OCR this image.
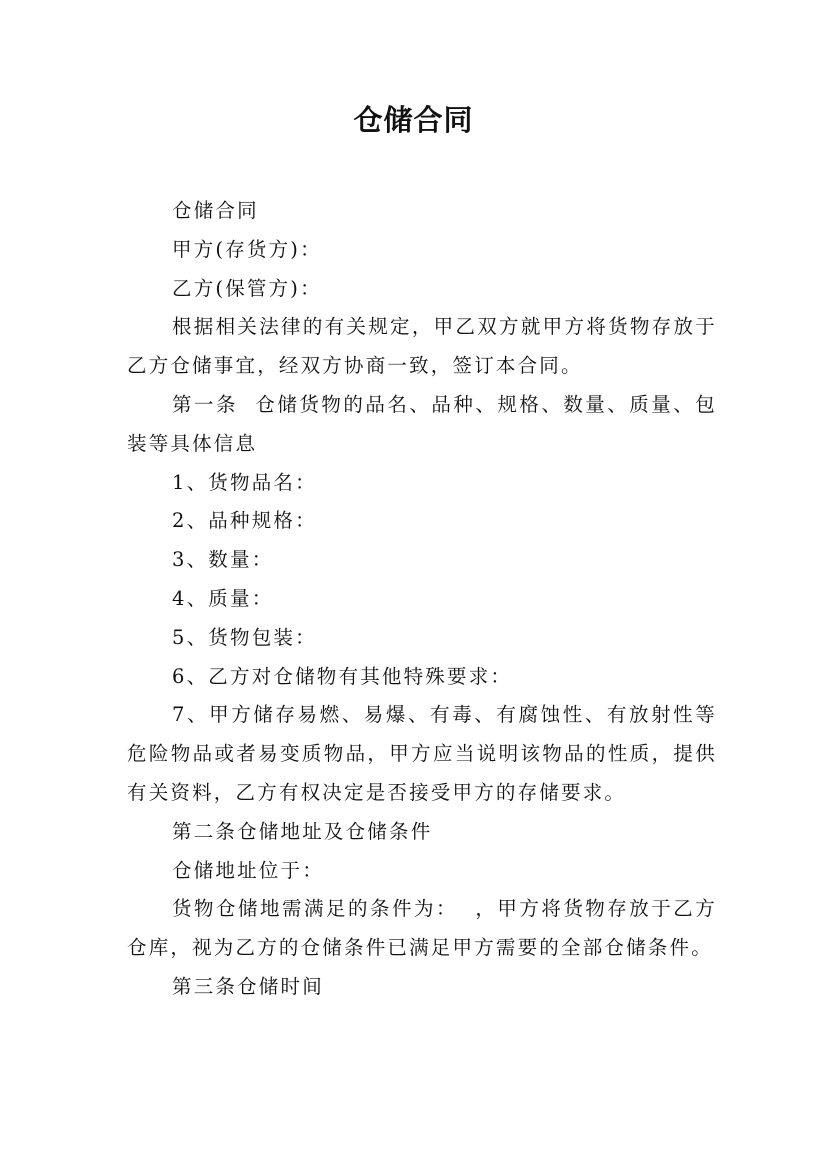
仓储合同

仓储合同

甲方(存货方)：

乙方(保管方)：

根据相关法律的有关规定，甲乙双方就甲方将货物存放于乙方仓储事宜，经双方协商一致，签订本合同。

第一条  仓储货物的品名、品种、规格、数量、质量、包装等具体信息

1、货物品名：

2、品种规格：

3、数量：

4、质量：

5、货物包装：

6、乙方对仓储物有其他特殊要求：

7、甲方储存易燃、易爆、有毒、有腐蚀性、有放射性等危险物品或者易变质物品，甲方应当说明该物品的性质，提供有关资料，乙方有权决定是否接受甲方的存储要求。

第二条仓储地址及仓储条件

仓储地址位于：

货物仓储地需满足的条件为：  ，甲方将货物存放于乙方仓库，视为乙方的仓储条件已满足甲方需要的全部仓储条件。

第三条仓储时间
